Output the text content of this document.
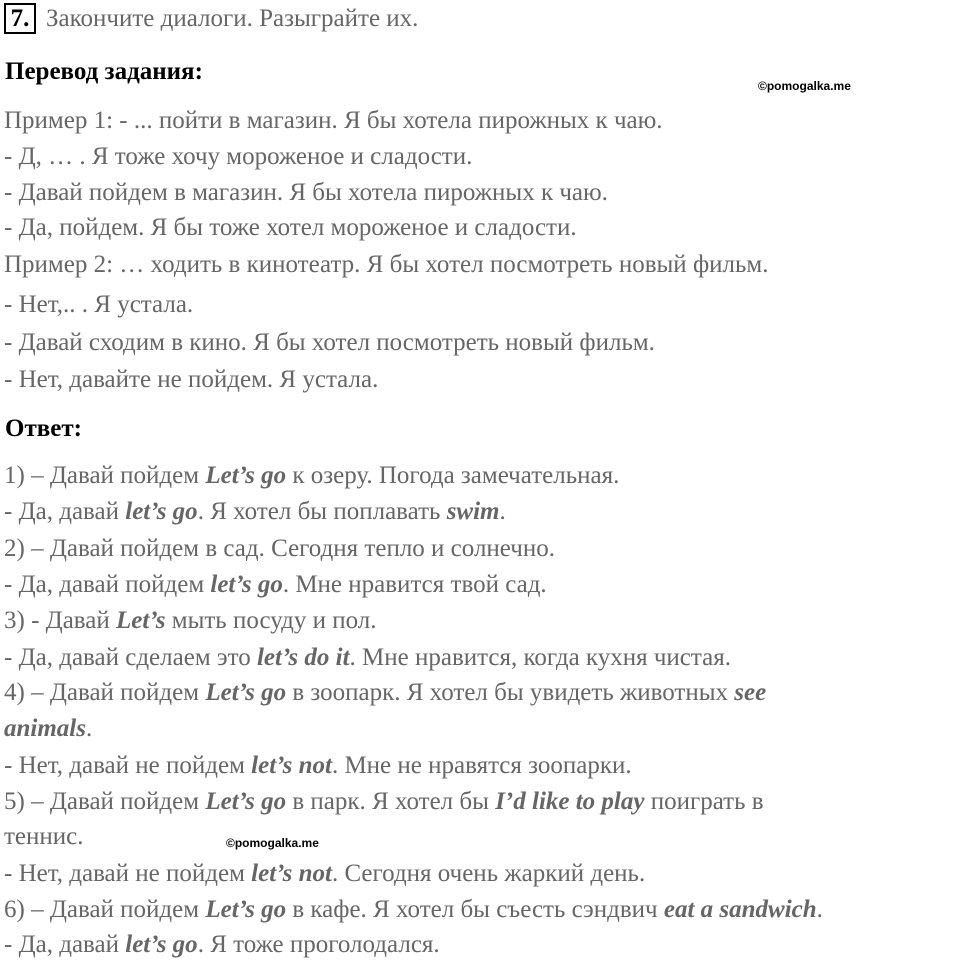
7. Закончите диалоги. Разыграйте их.
Перевод задания:
©pomogalka.me
Пример 1: - ... пойти в магазин. Я бы хотела пирожных к чаю.
- Д, … . Я тоже хочу мороженое и сладости.
- Давай пойдем в магазин. Я бы хотела пирожных к чаю.
- Да, пойдем. Я бы тоже хотел мороженое и сладости.
Пример 2: … ходить в кинотеатр. Я бы хотел посмотреть новый фильм.
- Нет,.. . Я устала.
- Давай сходим в кино. Я бы хотел посмотреть новый фильм.
- Нет, давайте не пойдем. Я устала.
Ответ:
1) – Давай пойдем Let’s go к озеру. Погода замечательная.
- Да, давай let’s go. Я хотел бы поплавать swim.
2) – Давай пойдем в сад. Сегодня тепло и солнечно.
- Да, давай пойдем let’s go. Мне нравится твой сад.
3) - Давай Let’s мыть посуду и пол.
- Да, давай сделаем это let’s do it. Мне нравится, когда кухня чистая.
4) – Давай пойдем Let’s go в зоопарк. Я хотел бы увидеть животных see
animals.
- Нет, давай не пойдем let’s not. Мне не нравятся зоопарки.
5) – Давай пойдем Let’s go в парк. Я хотел бы I’d like to play поиграть в
теннис.	©pomogalka.me
- Нет, давай не пойдем let’s not. Сегодня очень жаркий день.
6) – Давай пойдем Let’s go в кафе. Я хотел бы съесть сэндвич eat a sandwich.
- Да, давай let’s go. Я тоже проголодался.
